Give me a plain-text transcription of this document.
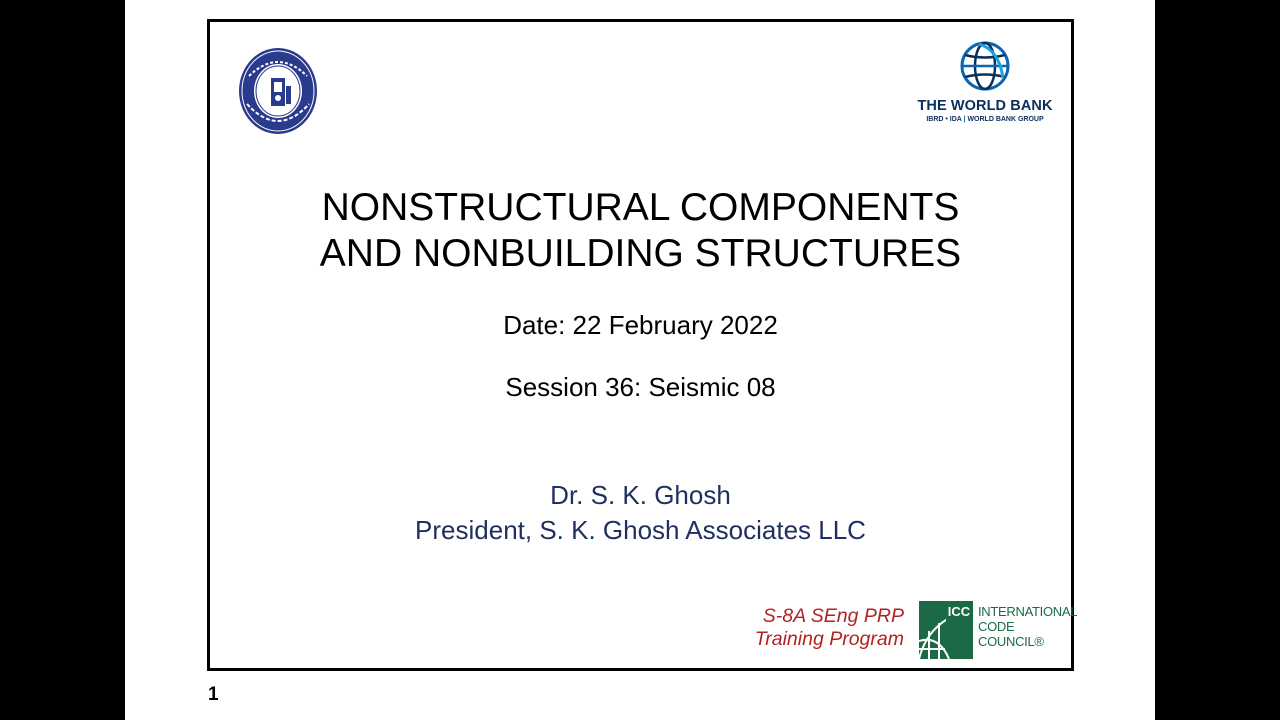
THE WORLD BANK
IBRD • IDA | WORLD BANK GROUP
NONSTRUCTURAL COMPONENTS
AND NONBUILDING STRUCTURES
Date: 22 February 2022
Session 36: Seismic 08
Dr. S. K. Ghosh
President, S. K. Ghosh Associates LLC
S-8A SEng PRP
Training Program
ICC INTERNATIONAL
CODE
COUNCIL®
1
